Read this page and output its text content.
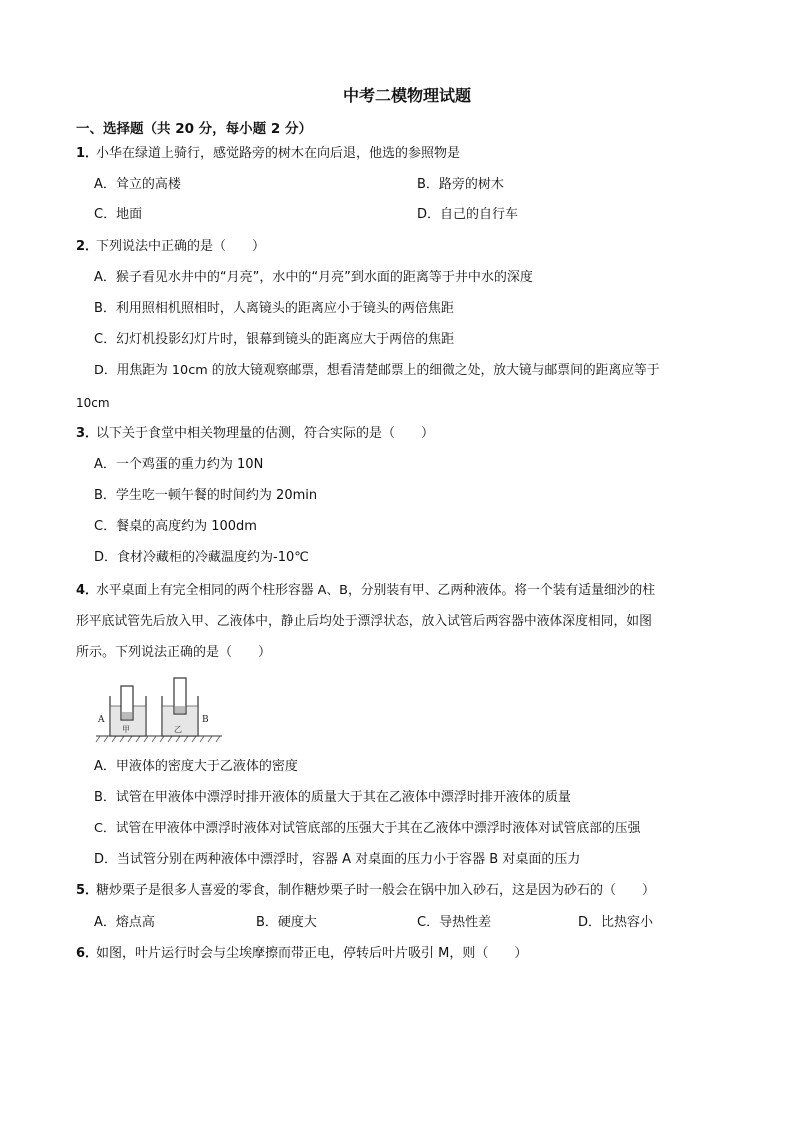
中考二模物理试题
一、选择题（共 20 分，每小题 2 分）
1．
小华在绿道上骑行，感觉路旁的树木在向后退，他选的参照物是
A．耸立的高楼	B．路旁的树木
C．地面	D．自己的自行车
2．
下列说法中正确的是（　　）
A．猴子看见水井中的“月亮”，水中的“月亮”到水面的距离等于井中水的深度
B．利用照相机照相时，人离镜头的距离应小于镜头的两倍焦距
C．幻灯机投影幻灯片时，银幕到镜头的距离应大于两倍的焦距
D．用焦距为 10cm 的放大镜观察邮票，想看清楚邮票上的细微之处，放大镜与邮票间的距离应等于
10cm
3．
以下关于食堂中相关物理量的估测，符合实际的是（　　）
A．一个鸡蛋的重力约为 10N
B．学生吃一顿午餐的时间约为 20min
C．餐桌的高度约为 100dm
D．食材冷藏柜的冷藏温度约为-10℃
4．
水平桌面上有完全相同的两个柱形容器 A、B，分别装有甲、乙两种液体。将一个装有适量细沙的柱
形平底试管先后放入甲、乙液体中，静止后均处于漂浮状态，放入试管后两容器中液体深度相同，如图
所示。下列说法正确的是（　　）
A	B
甲	乙
A．甲液体的密度大于乙液体的密度
B．试管在甲液体中漂浮时排开液体的质量大于其在乙液体中漂浮时排开液体的质量
C．试管在甲液体中漂浮时液体对试管底部的压强大于其在乙液体中漂浮时液体对试管底部的压强
D．当试管分别在两种液体中漂浮时，容器 A 对桌面的压力小于容器 B 对桌面的压力
5．
糖炒栗子是很多人喜爱的零食，制作糖炒栗子时一般会在锅中加入砂石，这是因为砂石的（　　）
A．熔点高	B．硬度大	C．导热性差	D．比热容小
6．
如图，叶片运行时会与尘埃摩擦而带正电，停转后叶片吸引 M，则（　　）
